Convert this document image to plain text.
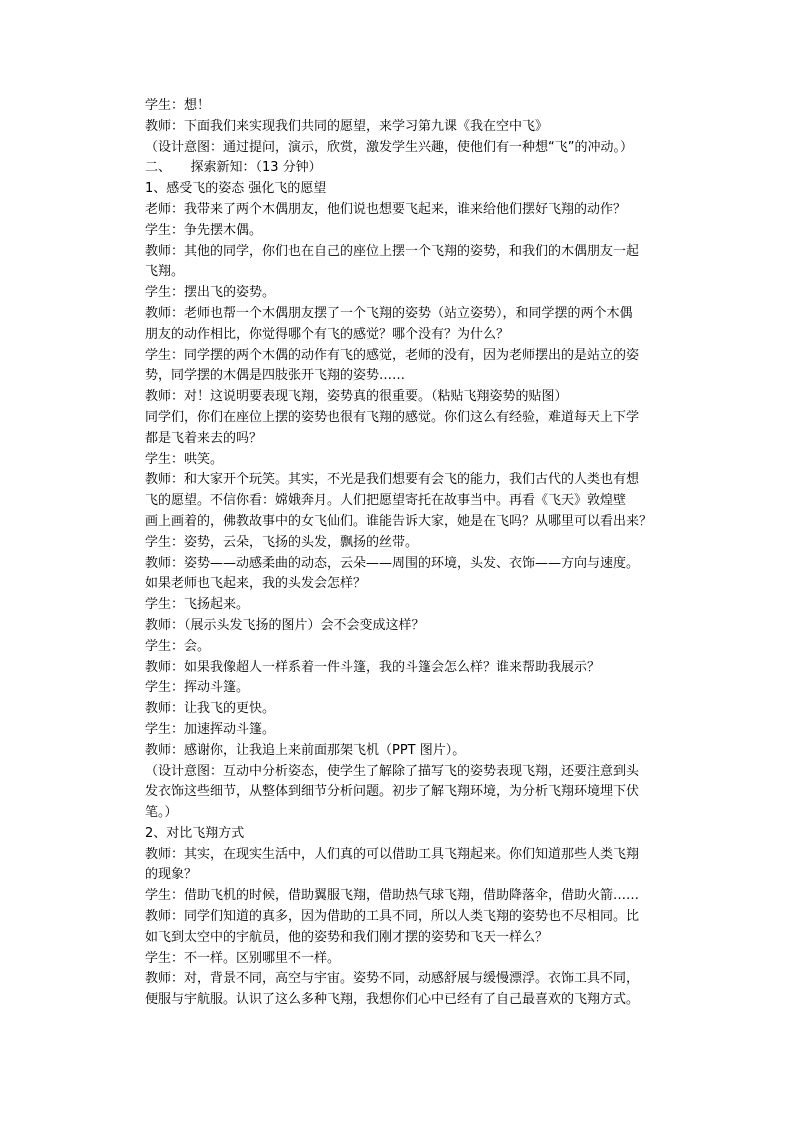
学生：想！
教师：下面我们来实现我们共同的愿望，来学习第九课《我在空中飞》
（设计意图：通过提问，演示，欣赏，激发学生兴趣，使他们有一种想“飞”的冲动。）
二、　　探索新知：（13 分钟）
1、感受飞的姿态 强化飞的愿望
老师：我带来了两个木偶朋友，他们说也想要飞起来，谁来给他们摆好飞翔的动作？
学生：争先摆木偶。
教师：其他的同学，你们也在自己的座位上摆一个飞翔的姿势，和我们的木偶朋友一起
飞翔。
学生：摆出飞的姿势。
教师：老师也帮一个木偶朋友摆了一个飞翔的姿势（站立姿势），和同学摆的两个木偶
朋友的动作相比，你觉得哪个有飞的感觉？哪个没有？为什么？
学生：同学摆的两个木偶的动作有飞的感觉，老师的没有，因为老师摆出的是站立的姿
势，同学摆的木偶是四肢张开飞翔的姿势……
教师：对！这说明要表现飞翔，姿势真的很重要。（粘贴飞翔姿势的贴图）
同学们，你们在座位上摆的姿势也很有飞翔的感觉。你们这么有经验，难道每天上下学
都是飞着来去的吗？
学生：哄笑。
教师：和大家开个玩笑。其实，不光是我们想要有会飞的能力，我们古代的人类也有想
飞的愿望。不信你看：嫦娥奔月。人们把愿望寄托在故事当中。再看《飞天》敦煌壁
画上画着的，佛教故事中的女飞仙们。谁能告诉大家，她是在飞吗？从哪里可以看出来？
学生：姿势，云朵，飞扬的头发，飘扬的丝带。
教师：姿势——动感柔曲的动态，云朵——周围的环境，头发、衣饰——方向与速度。
如果老师也飞起来，我的头发会怎样？
学生：飞扬起来。
教师：（展示头发飞扬的图片）会不会变成这样？
学生：会。
教师：如果我像超人一样系着一件斗篷，我的斗篷会怎么样？谁来帮助我展示？
学生：挥动斗篷。
教师：让我飞的更快。
学生：加速挥动斗篷。
教师：感谢你，让我追上来前面那架飞机（PPT 图片）。
（设计意图：互动中分析姿态，使学生了解除了描写飞的姿势表现飞翔，还要注意到头
发衣饰这些细节，从整体到细节分析问题。初步了解飞翔环境，为分析飞翔环境埋下伏
笔。）
2、对比飞翔方式
教师：其实，在现实生活中，人们真的可以借助工具飞翔起来。你们知道那些人类飞翔
的现象？
学生：借助飞机的时候，借助翼服飞翔，借助热气球飞翔，借助降落伞，借助火箭……
教师：同学们知道的真多，因为借助的工具不同，所以人类飞翔的姿势也不尽相同。比
如飞到太空中的宇航员，他的姿势和我们刚才摆的姿势和飞天一样么？
学生：不一样。区别哪里不一样。
教师：对，背景不同，高空与宇宙。姿势不同，动感舒展与缓慢漂浮。衣饰工具不同，
便服与宇航服。认识了这么多种飞翔，我想你们心中已经有了自己最喜欢的飞翔方式。
